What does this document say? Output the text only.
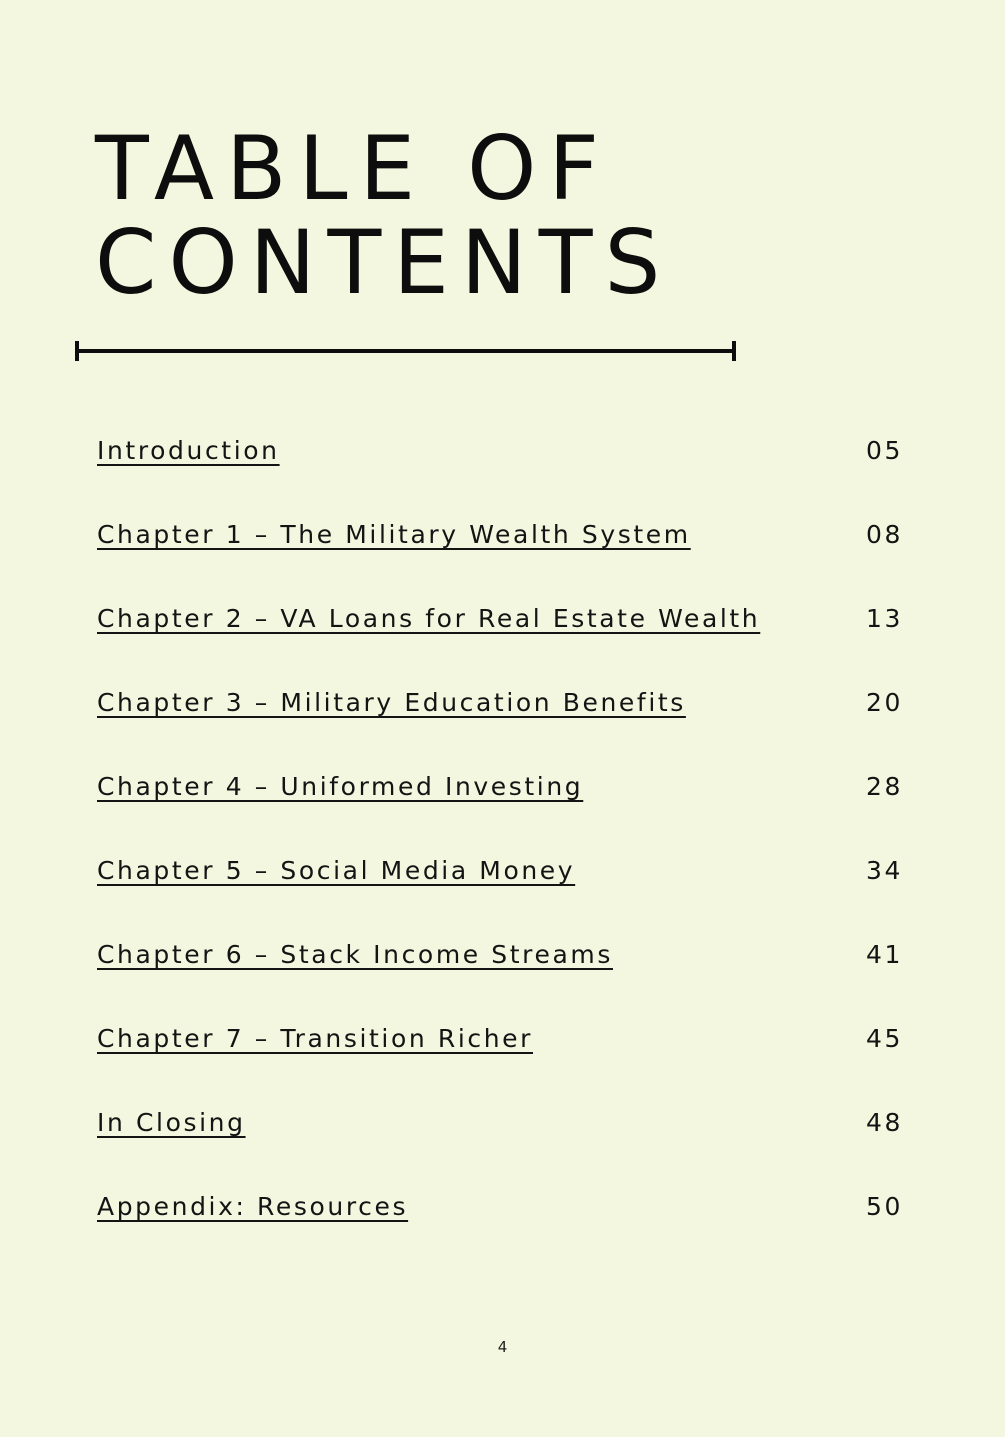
TABLE OF
CONTENTS
Introduction	05
Chapter 1 – The Military Wealth System	08
Chapter 2 – VA Loans for Real Estate Wealth	13
Chapter 3 – Military Education Benefits	20
Chapter 4 – Uniformed Investing	28
Chapter 5 – Social Media Money	34
Chapter 6 – Stack Income Streams	41
Chapter 7 – Transition Richer	45
In Closing	48
Appendix: Resources	50
4
